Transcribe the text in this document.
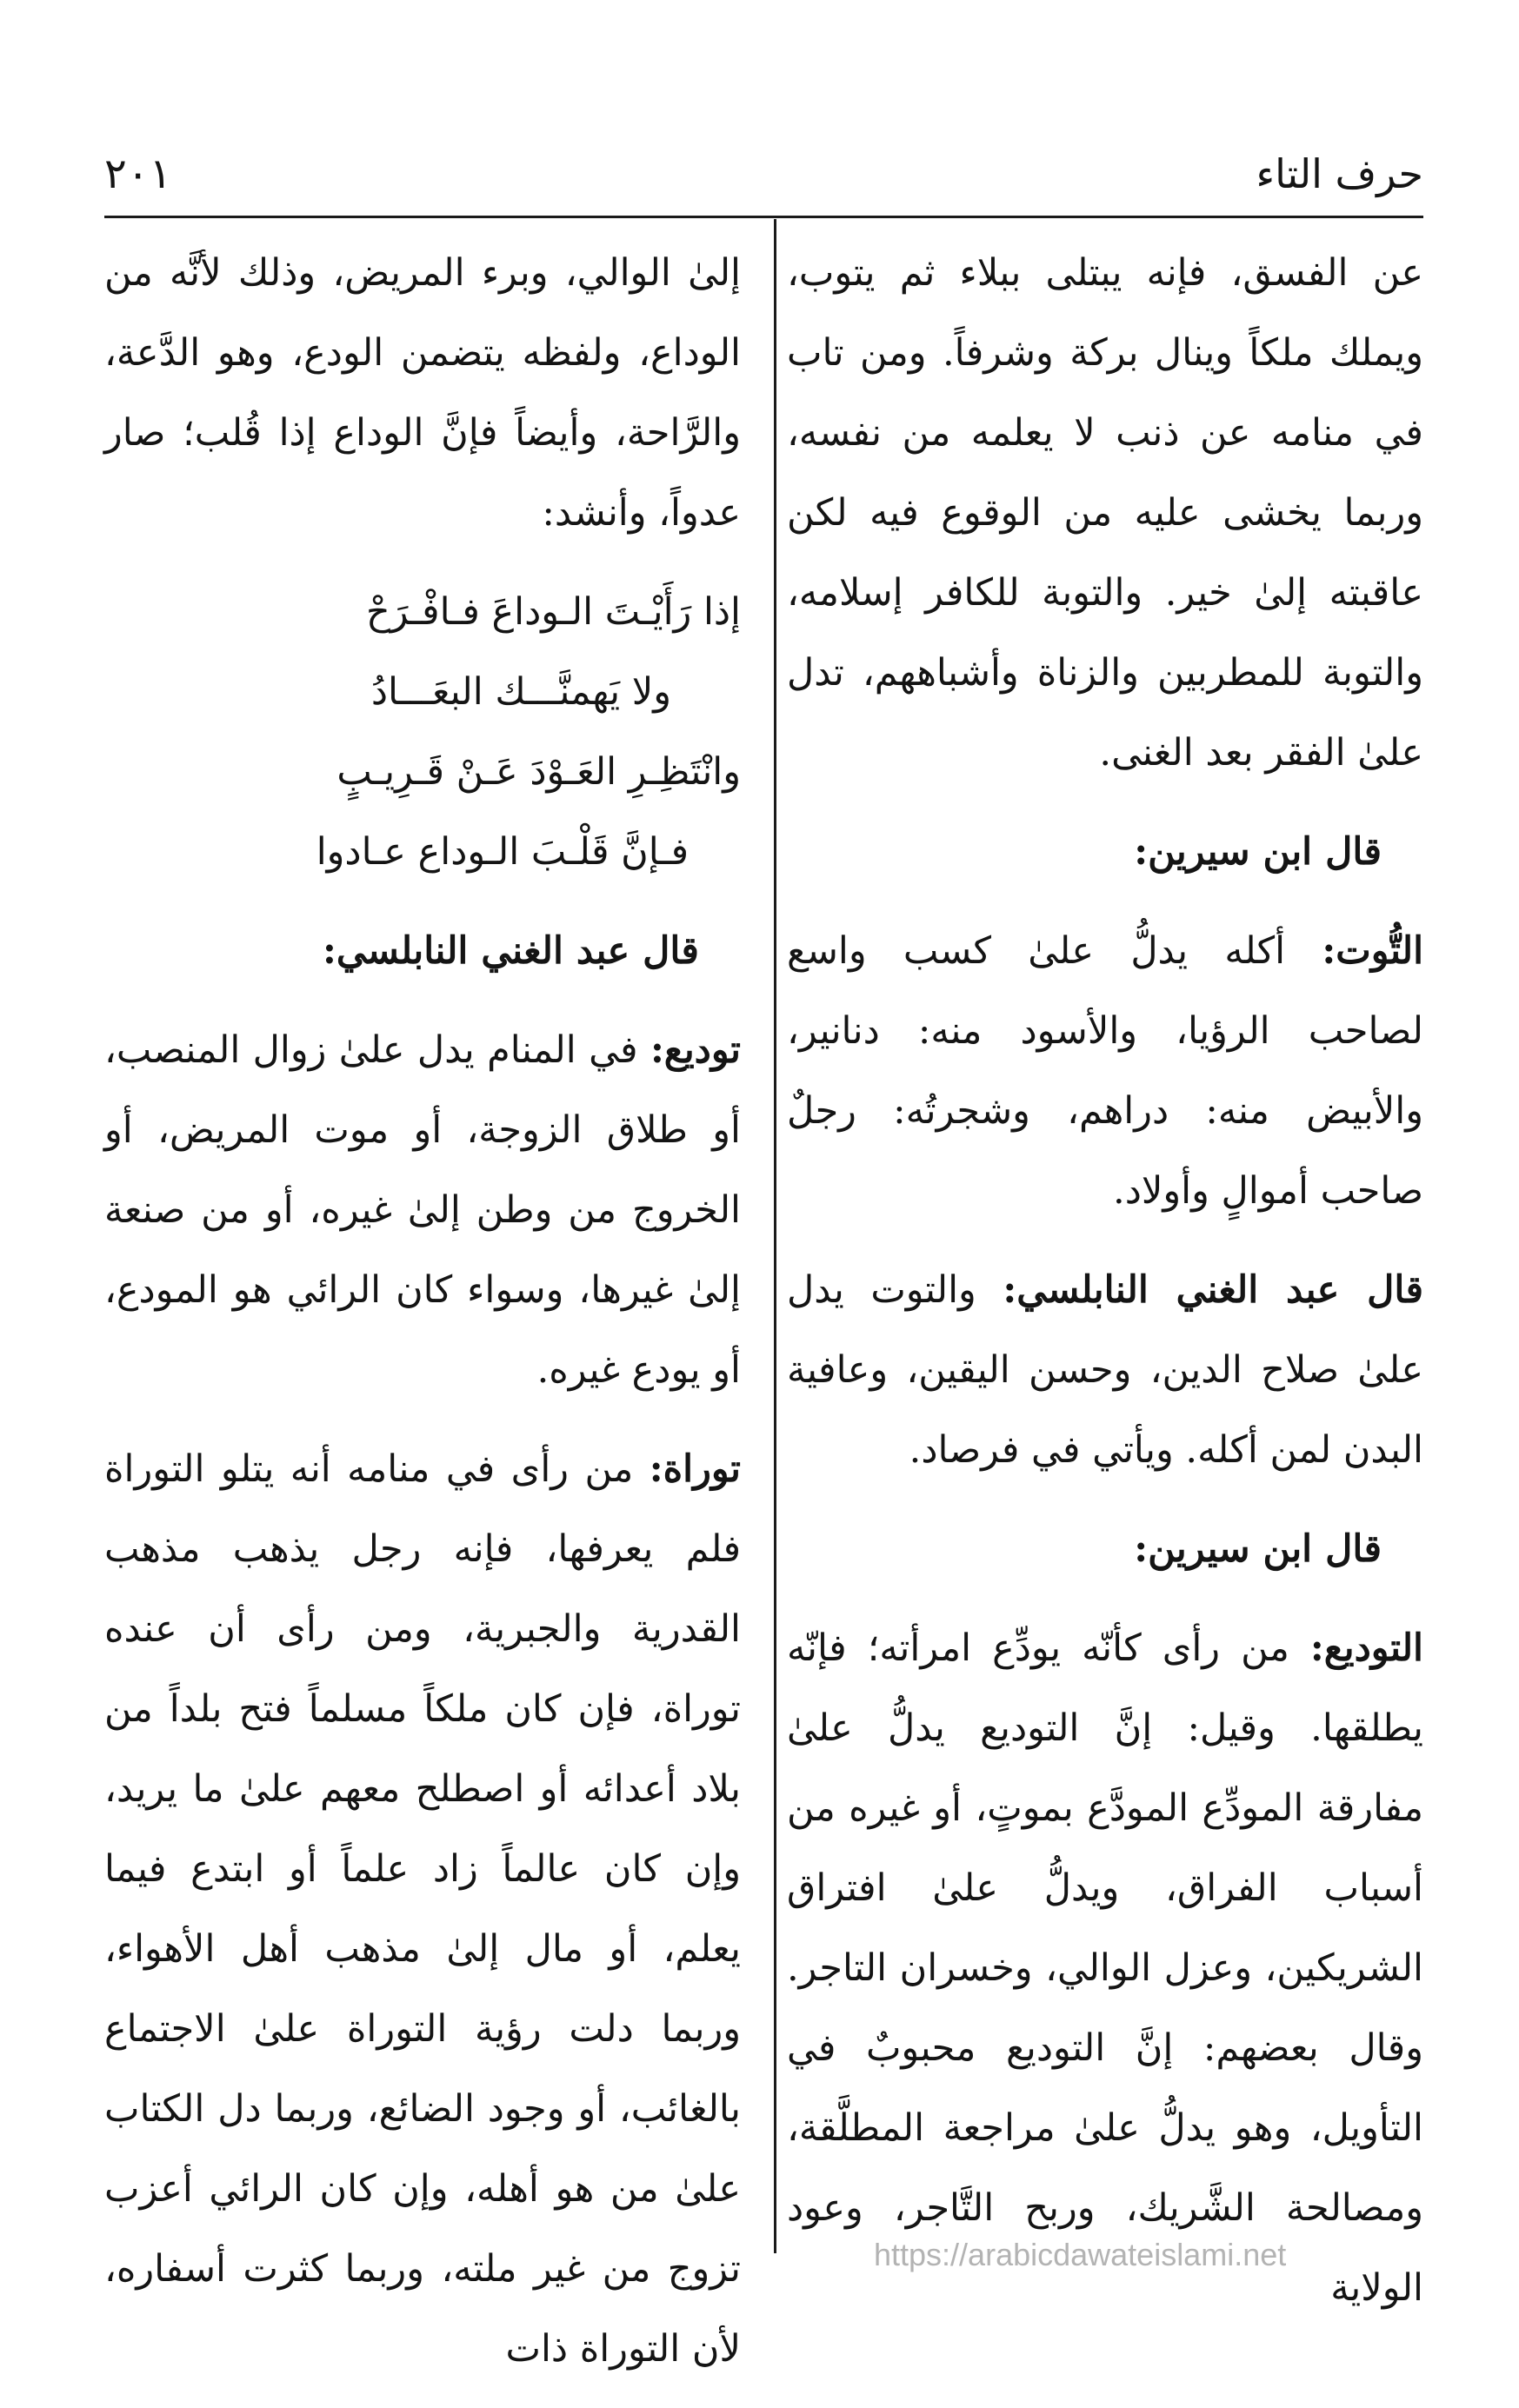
حرف التاء
٢٠١

عن الفسق، فإنه يبتلى ببلاء ثم يتوب، ويملك ملكاً وينال بركة وشرفاً. ومن تاب في منامه عن ذنب لا يعلمه من نفسه، وربما يخشى عليه من الوقوع فيه لكن عاقبته إلىٰ خير. والتوبة للكافر إسلامه، والتوبة للمطربين والزناة وأشباههم، تدل علىٰ الفقر بعد الغنى.

قال ابن سيرين:

التُّوت: أكله يدلُّ علىٰ كسب واسع لصاحب الرؤيا، والأسود منه: دنانير، والأبيض منه: دراهم، وشجرتُه: رجلٌ صاحب أموالٍ وأولاد.

قال عبد الغني النابلسي: والتوت يدل علىٰ صلاح الدين، وحسن اليقين، وعافية البدن لمن أكله. ويأتي في فرصاد.

قال ابن سيرين:

التوديع: من رأى كأنّه يودِّع امرأته؛ فإنّه يطلقها. وقيل: إنَّ التوديع يدلُّ علىٰ مفارقة المودِّع المودَّع بموتٍ، أو غيره من أسباب الفراق، ويدلُّ علىٰ افتراق الشريكين، وعزل الوالي، وخسران التاجر. وقال بعضهم: إنَّ التوديع محبوبٌ في التأويل، وهو يدلُّ علىٰ مراجعة المطلَّقة، ومصالحة الشَّريك، وربح التَّاجر، وعود الولاية

إلىٰ الوالي، وبرء المريض، وذلك لأنَّه من الوداع، ولفظه يتضمن الودع، وهو الدَّعة، والرَّاحة، وأيضاً فإنَّ الوداع إذا قُلب؛ صار عدواً، وأنشد:

إذا رَأَيْـتَ الـوداعَ فـافْـرَحْ
ولا يَهمنَّـــك البعَـــادُ
وانْتَظِـرِ العَـوْدَ عَـنْ قَـرِيـبٍ
فـإنَّ قَلْـبَ الـوداع عـادوا

قال عبد الغني النابلسي:

توديع: في المنام يدل علىٰ زوال المنصب، أو طلاق الزوجة، أو موت المريض، أو الخروج من وطن إلىٰ غيره، أو من صنعة إلىٰ غيرها، وسواء كان الرائي هو المودع، أو يودع غيره.

توراة: من رأى في منامه أنه يتلو التوراة فلم يعرفها، فإنه رجل يذهب مذهب القدرية والجبرية، ومن رأى أن عنده توراة، فإن كان ملكاً مسلماً فتح بلداً من بلاد أعدائه أو اصطلح معهم علىٰ ما يريد، وإن كان عالماً زاد علماً أو ابتدع فيما يعلم، أو مال إلىٰ مذهب أهل الأهواء، وربما دلت رؤية التوراة علىٰ الاجتماع بالغائب، أو وجود الضائع، وربما دل الكتاب علىٰ من هو أهله، وإن كان الرائي أعزب تزوج من غير ملته، وربما كثرت أسفاره، لأن التوراة ذات

https://arabicdawateislami.net
